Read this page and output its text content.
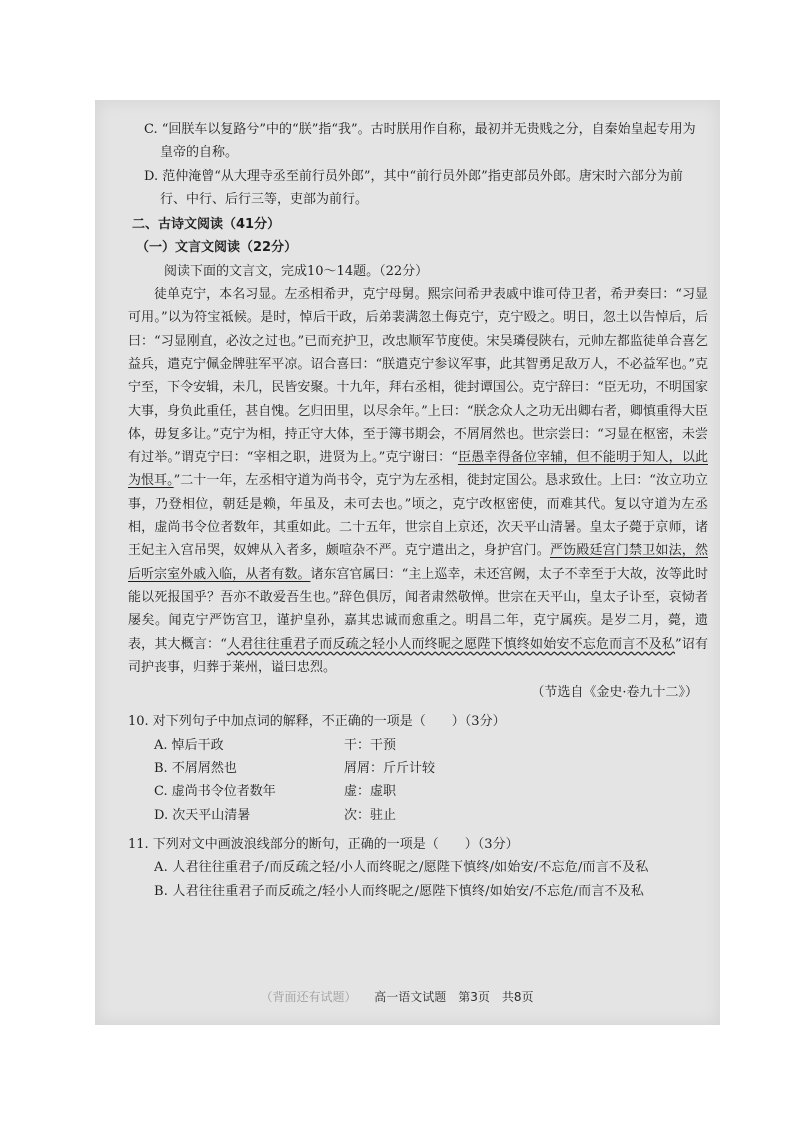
C. “回朕车以复路兮”中的“朕”指“我”。古时朕用作自称，最初并无贵贱之分，自秦始皇起专用为皇帝的自称。

D. 范仲淹曾“从大理寺丞至前行员外郎”，其中“前行员外郎”指吏部员外郎。唐宋时六部分为前行、中行、后行三等，吏部为前行。

二、古诗文阅读（41分）
（一）文言文阅读（22分）
阅读下面的文言文，完成10～14题。（22分）

徒单克宁，本名习显。左丞相希尹，克宁母舅。熙宗问希尹表戚中谁可侍卫者，希尹奏曰：“习显可用。”以为符宝祗候。是时，悼后干政，后弟裴满忽土侮克宁，克宁殴之。明日，忽土以告悼后，后曰：“习显刚直，必汝之过也。”已而充护卫，改忠顺军节度使。宋吴璘侵陕右，元帅左都监徒单合喜乞益兵，遣克宁佩金牌驻军平凉。诏合喜曰：“朕遣克宁参议军事，此其智勇足敌万人，不必益军也。”克宁至，下令安辑，未几，民皆安聚。十九年，拜右丞相，徙封谭国公。克宁辞曰：“臣无功，不明国家大事，身负此重任，甚自愧。乞归田里，以尽余年。”上曰：“朕念众人之功无出卿右者，卿慎重得大臣体，毋复多让。”克宁为相，持正守大体，至于簿书期会，不屑屑然也。世宗尝曰：“习显在枢密，未尝有过举。”谓克宁曰：“宰相之职，进贤为上。”克宁谢曰：“臣愚幸得备位宰辅，但不能明于知人，以此为恨耳。”二十一年，左丞相守道为尚书令，克宁为左丞相，徙封定国公。恳求致仕。上曰：“汝立功立事，乃登相位，朝廷是赖，年虽及，未可去也。”顷之，克宁改枢密使，而难其代。复以守道为左丞相，虚尚书令位者数年，其重如此。二十五年，世宗自上京还，次天平山清暑。皇太子薨于京师，诸王妃主入宫吊哭，奴婢从入者多，颇喧杂不严。克宁遣出之，身护宫门。严饬殿廷宫门禁卫如法，然后听宗室外戚入临，从者有数。诸东宫官属曰：“主上巡幸，未还宫阙，太子不幸至于大故，汝等此时能以死报国乎？吾亦不敢爱吾生也。”辞色俱厉，闻者肃然敬惮。世宗在天平山，皇太子讣至，哀恸者屡矣。闻克宁严饬宫卫，谨护皇孙，嘉其忠诚而愈重之。明昌二年，克宁属疾。是岁二月，薨，遗表，其大概言：“人君往往重君子而反疏之轻小人而终昵之愿陛下慎终如始安不忘危而言不及私”诏有司护丧事，归葬于莱州，谥曰忠烈。

（节选自《金史·卷九十二》）
10. 对下列句子中加点词的解释，不正确的一项是（　　）（3分）
A. 悼后干政	干：干预
B. 不屑屑然也	屑屑：斤斤计较
C. 虚尚书令位者数年	虚：虚职
D. 次天平山清暑	次：驻止
11. 下列对文中画波浪线部分的断句，正确的一项是（　　）（3分）
A. 人君往往重君子/而反疏之轻/小人而终昵之/愿陛下慎终/如始安/不忘危/而言不及私
B. 人君往往重君子而反疏之/轻小人而终昵之/愿陛下慎终/如始安/不忘危/而言不及私
（背面还有试题） 高一语文试题　第3页　共8页
